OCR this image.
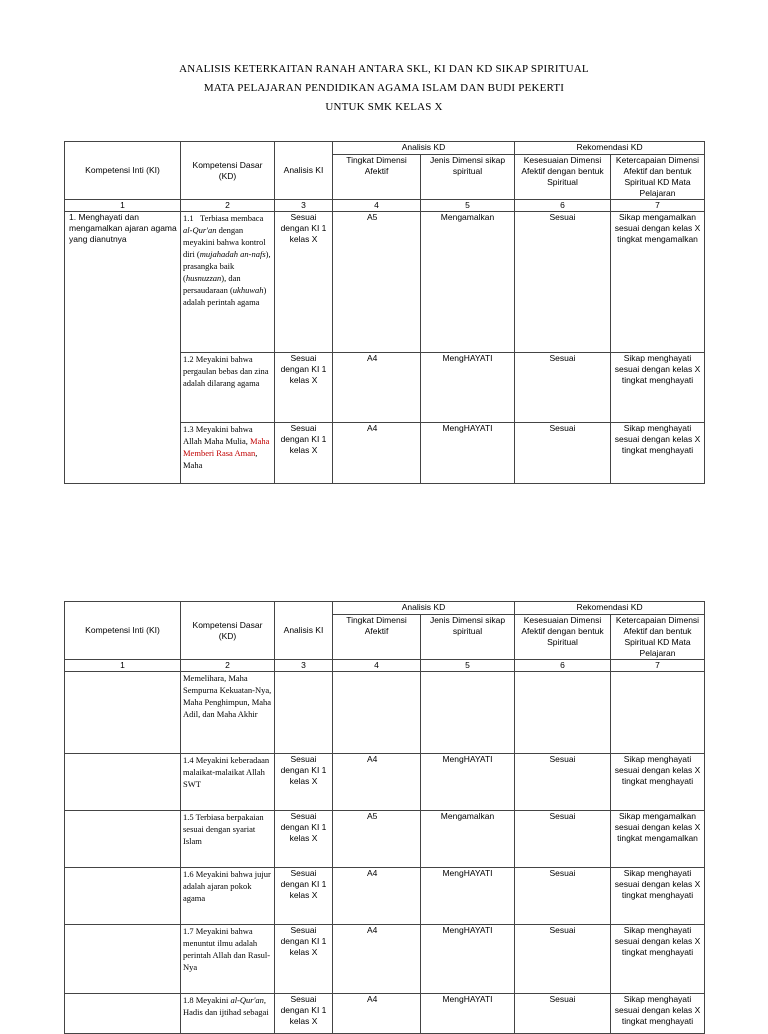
ANALISIS KETERKAITAN RANAH ANTARA SKL, KI DAN KD SIKAP SPIRITUAL
MATA PELAJARAN PENDIDIKAN AGAMA ISLAM DAN BUDI PEKERTI
UNTUK SMK KELAS X
Kompetensi Inti (KI)	Kompetensi Dasar (KD)	Analisis KI	Analisis KD		Rekomendasi KD	
			Tingkat Dimensi Afektif	Jenis Dimensi sikap spiritual	Kesesuaian Dimensi Afektif dengan bentuk Spiritual	Ketercapaian Dimensi Afektif dan bentuk Spiritual KD Mata Pelajaran
1	2	3	4	5	6	7
1. Menghayati dan mengamalkan ajaran agama yang dianutnya	1.1 Terbiasa membaca al-Qur'an dengan meyakini bahwa kontrol diri (mujahadah an-nafs), prasangka baik (husnuzzan), dan persaudaraan (ukhuwah) adalah perintah agama	Sesuai dengan KI 1 kelas X	A5	Mengamalkan	Sesuai	Sikap mengamalkan sesuai dengan kelas X tingkat mengamalkan
	1.2 Meyakini bahwa pergaulan bebas dan zina adalah dilarang agama	Sesuai dengan KI 1 kelas X	A4	MengHAYATI	Sesuai	Sikap menghayati sesuai dengan kelas X tingkat menghayati
	1.3 Meyakini bahwa Allah Maha Mulia, Maha Memberi Rasa Aman, Maha	Sesuai dengan KI 1 kelas X	A4	MengHAYATI	Sesuai	Sikap menghayati sesuai dengan kelas X tingkat menghayati
Kompetensi Inti (KI)	Kompetensi Dasar (KD)	Analisis KI	Analisis KD		Rekomendasi KD	
			Tingkat Dimensi Afektif	Jenis Dimensi sikap spiritual	Kesesuaian Dimensi Afektif dengan bentuk Spiritual	Ketercapaian Dimensi Afektif dan bentuk Spiritual KD Mata Pelajaran
1	2	3	4	5	6	7
	Memelihara, Maha Sempurna Kekuatan-Nya, Maha Penghimpun, Maha Adil, dan Maha Akhir					
	1.4 Meyakini keberadaan malaikat-malaikat Allah SWT	Sesuai dengan KI 1 kelas X	A4	MengHAYATI	Sesuai	Sikap menghayati sesuai dengan kelas X tingkat menghayati
	1.5 Terbiasa berpakaian sesuai dengan syariat Islam	Sesuai dengan KI 1 kelas X	A5	Mengamalkan	Sesuai	Sikap mengamalkan sesuai dengan kelas X tingkat mengamalkan
	1.6 Meyakini bahwa jujur adalah ajaran pokok agama	Sesuai dengan KI 1 kelas X	A4	MengHAYATI	Sesuai	Sikap menghayati sesuai dengan kelas X tingkat menghayati
	1.7 Meyakini bahwa menuntut ilmu adalah perintah Allah dan Rasul-Nya	Sesuai dengan KI 1 kelas X	A4	MengHAYATI	Sesuai	Sikap menghayati sesuai dengan kelas X tingkat menghayati
	1.8 Meyakini al-Qur'an, Hadis dan ijtihad sebagai	Sesuai dengan KI 1 kelas X	A4	MengHAYATI	Sesuai	Sikap menghayati sesuai dengan kelas X tingkat menghayati
